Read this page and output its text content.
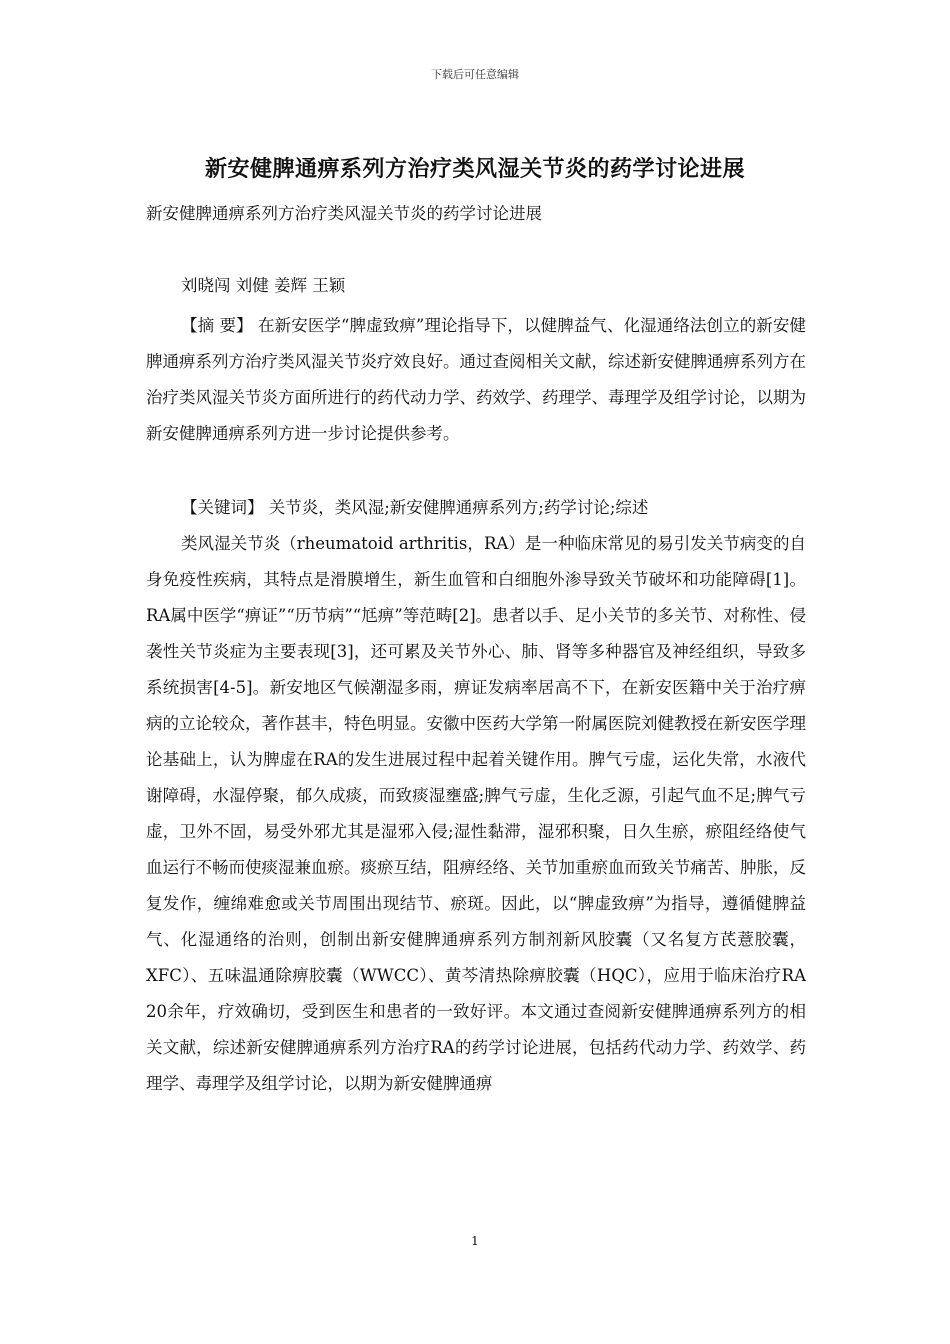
下载后可任意编辑
新安健脾通痹系列方治疗类风湿关节炎的药学讨论进展
新安健脾通痹系列方治疗类风湿关节炎的药学讨论进展
刘晓闯 刘健 姜辉 王颖
【摘 要】 在新安医学“脾虚致痹”理论指导下，以健脾益气、化湿通络法创立的新安健脾通痹系列方治疗类风湿关节炎疗效良好。通过查阅相关文献，综述新安健脾通痹系列方在治疗类风湿关节炎方面所进行的药代动力学、药效学、药理学、毒理学及组学讨论，以期为新安健脾通痹系列方进一步讨论提供参考。
【关键词】 关节炎，类风湿;新安健脾通痹系列方;药学讨论;综述
类风湿关节炎（rheumatoid arthritis，RA）是一种临床常见的易引发关节病变的自身免疫性疾病，其特点是滑膜增生，新生血管和白细胞外渗导致关节破坏和功能障碍[1]。RA属中医学“痹证”“历节病”“尪痹”等范畴[2]。患者以手、足小关节的多关节、对称性、侵袭性关节炎症为主要表现[3]，还可累及关节外心、肺、肾等多种器官及神经组织，导致多系统损害[4-5]。新安地区气候潮湿多雨，痹证发病率居高不下，在新安医籍中关于治疗痹病的立论较众，著作甚丰，特色明显。安徽中医药大学第一附属医院刘健教授在新安医学理论基础上，认为脾虚在RA的发生进展过程中起着关键作用。脾气亏虚，运化失常，水液代谢障碍，水湿停聚，郁久成痰，而致痰湿壅盛;脾气亏虚，生化乏源，引起气血不足;脾气亏虚，卫外不固，易受外邪尤其是湿邪入侵;湿性黏滞，湿邪积聚，日久生瘀，瘀阻经络使气血运行不畅而使痰湿兼血瘀。痰瘀互结，阻痹经络、关节加重瘀血而致关节痛苦、肿胀，反复发作，缠绵难愈或关节周围出现结节、瘀斑。因此，以“脾虚致痹”为指导，遵循健脾益气、化湿通络的治则，创制出新安健脾通痹系列方制剂新风胶囊（又名复方芪薏胶囊，XFC）、五味温通除痹胶囊（WWCC）、黄芩清热除痹胶囊（HQC），应用于临床治疗RA 20余年，疗效确切，受到医生和患者的一致好评。本文通过查阅新安健脾通痹系列方的相关文献，综述新安健脾通痹系列方治疗RA的药学讨论进展，包括药代动力学、药效学、药理学、毒理学及组学讨论，以期为新安健脾通痹
1
